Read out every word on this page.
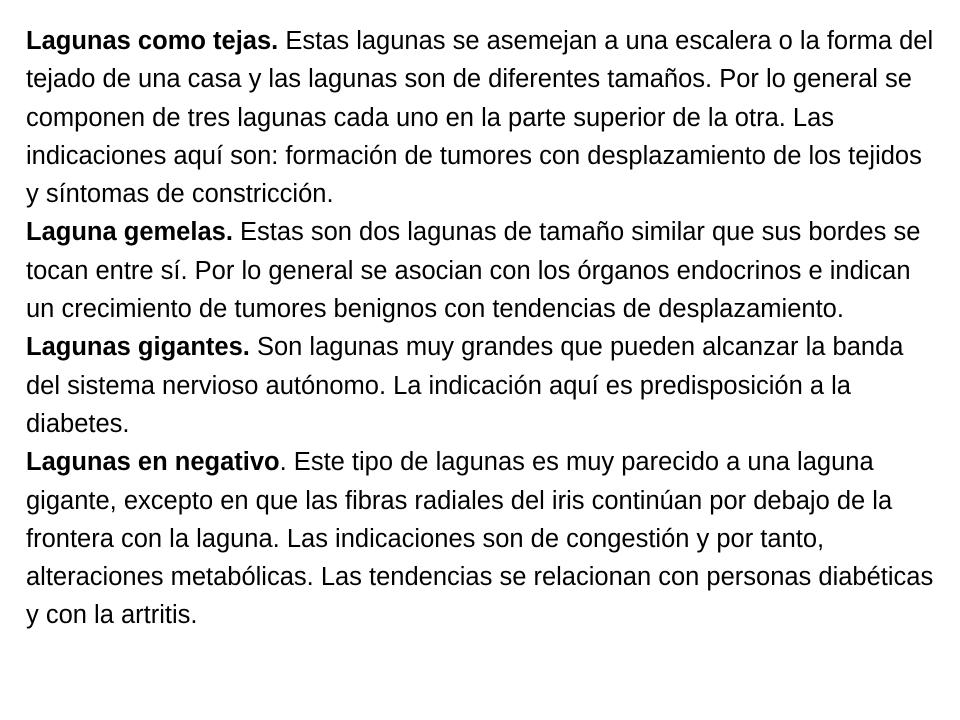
Lagunas como tejas. Estas lagunas se asemejan a una escalera o la forma del tejado de una casa y las lagunas son de diferentes tamaños. Por lo general se componen de tres lagunas cada uno en la parte superior de la otra. Las indicaciones aquí son: formación de tumores con desplazamiento de los tejidos y síntomas de constricción.

Laguna gemelas. Estas son dos lagunas de tamaño similar que sus bordes se tocan entre sí. Por lo general se asocian con los órganos endocrinos e indican un crecimiento de tumores benignos con tendencias de desplazamiento.

Lagunas gigantes. Son lagunas muy grandes que pueden alcanzar la banda del sistema nervioso autónomo. La indicación aquí es predisposición a la diabetes.

Lagunas en negativo. Este tipo de lagunas es muy parecido a una laguna gigante, excepto en que las fibras radiales del iris continúan por debajo de la frontera con la laguna. Las indicaciones son de congestión y por tanto, alteraciones metabólicas. Las tendencias se relacionan con personas diabéticas y con la artritis.
